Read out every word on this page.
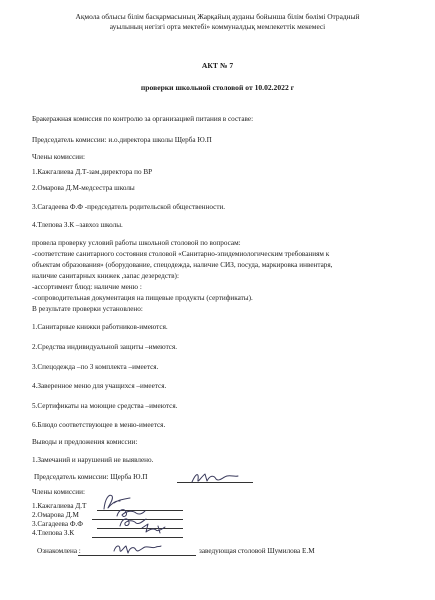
Ақмола облысы білім басқармасының Жарқайың ауданы бойынша білім бөлімі Отрадный

ауылының негізгі орта мектебі» коммуналдық мемлекеттік мекемесі

АКТ № 7

проверки школьной столовой от 10.02.2022 г

Бракеражная комиссия по контролю за организацией питания в составе:

Председатель комиссии: и.о.директора школы Щерба Ю.П

Члены комиссии:

1.Кажгалиева Д.Т-зам.директора по ВР

2.Омарова Д.М-медсестра школы

3.Сагадеева Ф.Ф -председатель родительской общественности.

4.Тлепова З.К –завхоз школы.

провела проверку условий работы школьной столовой по вопросам:

-соответствие санитарного состояния столовой «Санитарно-эпидемиологическим требованиям к

объектам образования» (оборудование, спецодежда, наличие СИЗ, посуда, маркировка инвентаря,

наличие санитарных книжек ,запас дезередств):

-ассортимент блюд: наличие меню :

-сопроводительная документация на пищевые продукты (сертификаты).

В результате проверки установлено:

1.Санитарные книжки работников-имеются.

2.Средства индивидуальной защиты –имеются.

3.Спецодежда –по 3 комплекта –имеется.

4.Заверенное меню для учащихся –имеется.

5.Сертификаты на моющие средства –имеются.

6.Блюдо соответствующее в меню-имеется.

Выводы и предложения комиссии:

1.Замечаний и нарушений не выявлено.

Председатель комиссии: Щерба Ю.П

Члены комиссии:

1.Кажгалиева Д.Т

2.Омарова Д.М

3.Сагадеева Ф.Ф

4.Тлепова З.К

Ознакомлена :	заведующая столовой Шумилова Е.М
